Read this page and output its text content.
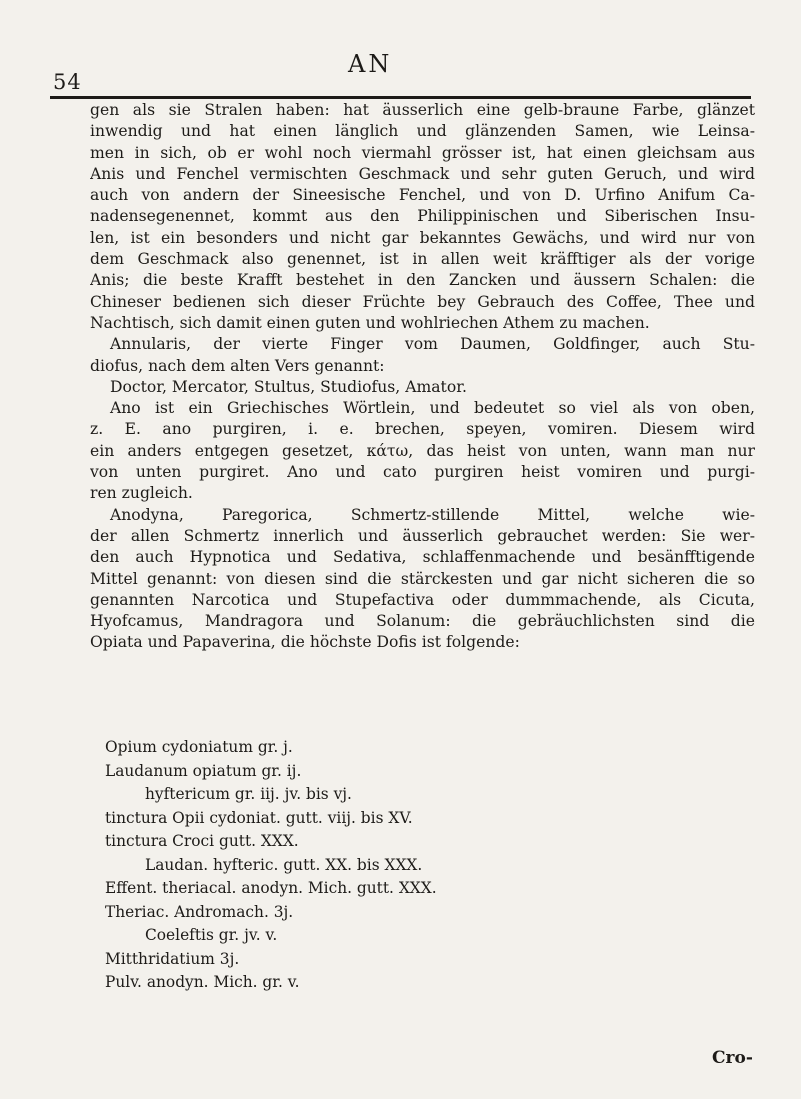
54
AN
gen als sie Stralen haben: hat äusserlich eine gelb-braune Farbe, glänzet
inwendig und hat einen länglich und glänzenden Samen, wie Leinsa-
men in sich, ob er wohl noch viermahl grösser ist, hat einen gleichsam aus
Anis und Fenchel vermischten Geschmack und sehr guten Geruch, und wird
auch von andern der Sineesische Fenchel, und von D. Urfino Anifum Ca-
nadensegenennet, kommt aus den Philippinischen und Siberischen Insu-
len, ist ein besonders und nicht gar bekanntes Gewächs, und wird nur von
dem Geschmack also genennet, ist in allen weit kräfftiger als der vorige
Anis; die beste Krafft bestehet in den Zancken und äussern Schalen: die
Chineser bedienen sich dieser Früchte bey Gebrauch des Coffee, Thee und
Nachtisch, sich damit einen guten und wohlriechen Athem zu machen.
Annularis, der vierte Finger vom Daumen, Goldfinger, auch Stu-
diofus, nach dem alten Vers genannt:
Doctor, Mercator, Stultus, Studiofus, Amator.
Ano ist ein Griechisches Wörtlein, und bedeutet so viel als von oben,
z. E. ano purgiren, i. e. brechen, speyen, vomiren. Diesem wird
ein anders entgegen gesetzet, κάτω, das heist von unten, wann man nur
von unten purgiret. Ano und cato purgiren heist vomiren und purgi-
ren zugleich.
Anodyna, Paregorica, Schmertz-stillende Mittel, welche wie-
der allen Schmertz innerlich und äusserlich gebrauchet werden: Sie wer-
den auch Hypnotica und Sedativa, schlaffenmachende und besänfftigende
Mittel genannt: von diesen sind die stärckesten und gar nicht sicheren die so
genannten Narcotica und Stupefactiva oder dummmachende, als Cicuta,
Hyofcamus, Mandragora und Solanum: die gebräuchlichsten sind die
Opiata und Papaverina, die höchste Dofis ist folgende:
Opium cydoniatum gr. j.
Laudanum opiatum gr. ij.
hyftericum gr. iij. jv. bis vj.
tinctura Opii cydoniat. gutt. viij. bis XV.
tinctura Croci gutt. XXX.
Laudan. hyfteric. gutt. XX. bis XXX.
Effent. theriacal. anodyn. Mich. gutt. XXX.
Theriac. Andromach. 3j.
Coeleftis gr. jv. v.
Mitthridatium 3j.
Pulv. anodyn. Mich. gr. v.
Cro-
